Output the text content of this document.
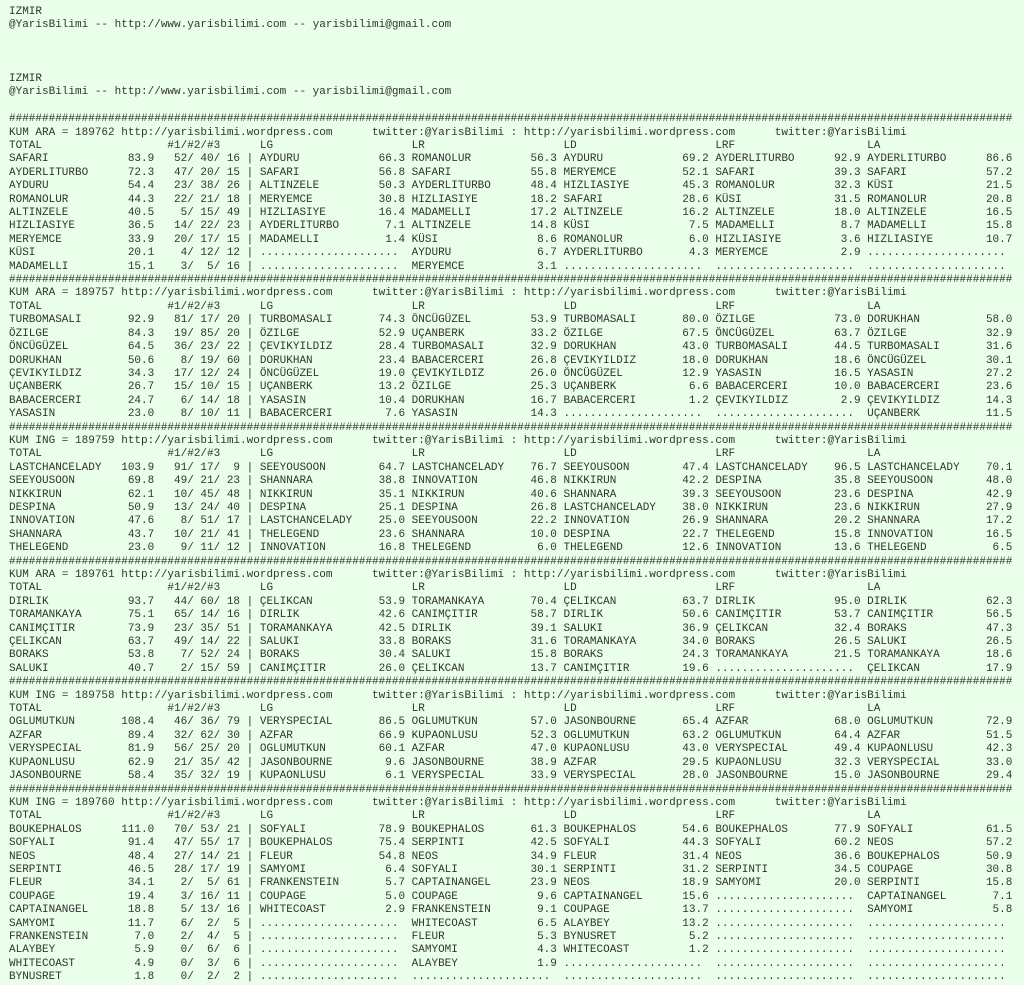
IZMIR
@YarisBilimi -- http://www.yarisbilimi.com -- yarisbilimi@gmail.com
IZMIR
@YarisBilimi -- http://www.yarisbilimi.com -- yarisbilimi@gmail.com
########################################################################################################################################################
KUM ARA = 189762 http://yarisbilimi.wordpress.com      twitter:@YarisBilimi : http://yarisbilimi.wordpress.com      twitter:@YarisBilimi
TOTAL                   #1/#2/#3      LG                     LR                     LD                     LRF                    LA
SAFARI            83.9   52/ 40/ 16 | AYDURU            66.3 ROMANOLUR         56.3 AYDURU            69.2 AYDERLITURBO      92.9 AYDERLITURBO      86.6
AYDERLITURBO      72.3   47/ 20/ 15 | SAFARI            56.8 SAFARI            55.8 MERYEMCE          52.1 SAFARI            39.3 SAFARI            57.2
AYDURU            54.4   23/ 38/ 26 | ALTINZELE         50.3 AYDERLITURBO      48.4 HIZLIASIYE        45.3 ROMANOLUR         32.3 KÜSI              21.5
ROMANOLUR         44.3   22/ 21/ 18 | MERYEMCE          30.8 HIZLIASIYE        18.2 SAFARI            28.6 KÜSI              31.5 ROMANOLUR         20.8
ALTINZELE         40.5    5/ 15/ 49 | HIZLIASIYE        16.4 MADAMELLI         17.2 ALTINZELE         16.2 ALTINZELE         18.0 ALTINZELE         16.5
HIZLIASIYE        36.5   14/ 22/ 23 | AYDERLITURBO       7.1 ALTINZELE         14.8 KÜSI               7.5 MADAMELLI          8.7 MADAMELLI         15.8
MERYEMCE          33.9   20/ 17/ 15 | MADAMELLI          1.4 KÜSI               8.6 ROMANOLUR          6.0 HIZLIASIYE         3.6 HIZLIASIYE        10.7
KÜSI              20.1    4/ 12/ 12 | .....................  AYDURU             6.7 AYDERLITURBO       4.3 MERYEMCE           2.9 .....................
MADAMELLI         15.1    3/  5/ 16 | .....................  MERYEMCE           3.1 .....................  .....................  .....................
########################################################################################################################################################
KUM ARA = 189757 http://yarisbilimi.wordpress.com      twitter:@YarisBilimi : http://yarisbilimi.wordpress.com      twitter:@YarisBilimi
TOTAL                   #1/#2/#3      LG                     LR                     LD                     LRF                    LA
TURBOMASALI       92.9   81/ 17/ 20 | TURBOMASALI       74.3 ÖNCÜGÜZEL         53.9 TURBOMASALI       80.0 ÖZILGE            73.0 DORUKHAN          58.0
ÖZILGE            84.3   19/ 85/ 20 | ÖZILGE            52.9 UÇANBERK          33.2 ÖZILGE            67.5 ÖNCÜGÜZEL         63.7 ÖZILGE            32.9
ÖNCÜGÜZEL         64.5   36/ 23/ 22 | ÇEVIKYILDIZ       28.4 TURBOMASALI       32.9 DORUKHAN          43.0 TURBOMASALI       44.5 TURBOMASALI       31.6
DORUKHAN          50.6    8/ 19/ 60 | DORUKHAN          23.4 BABACERCERI       26.8 ÇEVIKYILDIZ       18.0 DORUKHAN          18.6 ÖNCÜGÜZEL         30.1
ÇEVIKYILDIZ       34.3   17/ 12/ 24 | ÖNCÜGÜZEL         19.0 ÇEVIKYILDIZ       26.0 ÖNCÜGÜZEL         12.9 YASASIN           16.5 YASASIN           27.2
UÇANBERK          26.7   15/ 10/ 15 | UÇANBERK          13.2 ÖZILGE            25.3 UÇANBERK           6.6 BABACERCERI       10.0 BABACERCERI       23.6
BABACERCERI       24.7    6/ 14/ 18 | YASASIN           10.4 DORUKHAN          16.7 BABACERCERI        1.2 ÇEVIKYILDIZ        2.9 ÇEVIKYILDIZ       14.3
YASASIN           23.0    8/ 10/ 11 | BABACERCERI        7.6 YASASIN           14.3 .....................  .....................  UÇANBERK          11.5
########################################################################################################################################################
KUM ING = 189759 http://yarisbilimi.wordpress.com      twitter:@YarisBilimi : http://yarisbilimi.wordpress.com      twitter:@YarisBilimi
TOTAL                   #1/#2/#3      LG                     LR                     LD                     LRF                    LA
LASTCHANCELADY   103.9   91/ 17/  9 | SEEYOUSOON        64.7 LASTCHANCELADY    76.7 SEEYOUSOON        47.4 LASTCHANCELADY    96.5 LASTCHANCELADY    70.1
SEEYOUSOON        69.8   49/ 21/ 23 | SHANNARA          38.8 INNOVATION        46.8 NIKKIRUN          42.2 DESPINA           35.8 SEEYOUSOON        48.0
NIKKIRUN          62.1   10/ 45/ 48 | NIKKIRUN          35.1 NIKKIRUN          40.6 SHANNARA          39.3 SEEYOUSOON        23.6 DESPINA           42.9
DESPINA           50.9   13/ 24/ 40 | DESPINA           25.1 DESPINA           26.8 LASTCHANCELADY    38.0 NIKKIRUN          23.6 NIKKIRUN          27.9
INNOVATION        47.6    8/ 51/ 17 | LASTCHANCELADY    25.0 SEEYOUSOON        22.2 INNOVATION        26.9 SHANNARA          20.2 SHANNARA          17.2
SHANNARA          43.7   10/ 21/ 41 | THELEGEND         23.6 SHANNARA          10.0 DESPINA           22.7 THELEGEND         15.8 INNOVATION        16.5
THELEGEND         23.0    9/ 11/ 12 | INNOVATION        16.8 THELEGEND          6.0 THELEGEND         12.6 INNOVATION        13.6 THELEGEND          6.5
########################################################################################################################################################
KUM ARA = 189761 http://yarisbilimi.wordpress.com      twitter:@YarisBilimi : http://yarisbilimi.wordpress.com      twitter:@YarisBilimi
TOTAL                   #1/#2/#3      LG                     LR                     LD                     LRF                    LA
DIRLIK            93.7   44/ 60/ 18 | ÇELIKCAN          53.9 TORAMANKAYA       70.4 ÇELIKCAN          63.7 DIRLIK            95.0 DIRLIK            62.3
TORAMANKAYA       75.1   65/ 14/ 16 | DIRLIK            42.6 CANIMÇITIR        58.7 DIRLIK            50.6 CANIMÇITIR        53.7 CANIMÇITIR        56.5
CANIMÇITIR        73.9   23/ 35/ 51 | TORAMANKAYA       42.5 DIRLIK            39.1 SALUKI            36.9 ÇELIKCAN          32.4 BORAKS            47.3
ÇELIKCAN          63.7   49/ 14/ 22 | SALUKI            33.8 BORAKS            31.6 TORAMANKAYA       34.0 BORAKS            26.5 SALUKI            26.5
BORAKS            53.8    7/ 52/ 24 | BORAKS            30.4 SALUKI            15.8 BORAKS            24.3 TORAMANKAYA       21.5 TORAMANKAYA       18.6
SALUKI            40.7    2/ 15/ 59 | CANIMÇITIR        26.0 ÇELIKCAN          13.7 CANIMÇITIR        19.6 .....................  ÇELIKCAN          17.9
########################################################################################################################################################
KUM ING = 189758 http://yarisbilimi.wordpress.com      twitter:@YarisBilimi : http://yarisbilimi.wordpress.com      twitter:@YarisBilimi
TOTAL                   #1/#2/#3      LG                     LR                     LD                     LRF                    LA
OGLUMUTKUN       108.4   46/ 36/ 79 | VERYSPECIAL       86.5 OGLUMUTKUN        57.0 JASONBOURNE       65.4 AZFAR             68.0 OGLUMUTKUN        72.9
AZFAR             89.4   32/ 62/ 30 | AZFAR             66.9 KUPAONLUSU        52.3 OGLUMUTKUN        63.2 OGLUMUTKUN        64.4 AZFAR             51.5
VERYSPECIAL       81.9   56/ 25/ 20 | OGLUMUTKUN        60.1 AZFAR             47.0 KUPAONLUSU        43.0 VERYSPECIAL       49.4 KUPAONLUSU        42.3
KUPAONLUSU        62.9   21/ 35/ 42 | JASONBOURNE        9.6 JASONBOURNE       38.9 AZFAR             29.5 KUPAONLUSU        32.3 VERYSPECIAL       33.0
JASONBOURNE       58.4   35/ 32/ 19 | KUPAONLUSU         6.1 VERYSPECIAL       33.9 VERYSPECIAL       28.0 JASONBOURNE       15.0 JASONBOURNE       29.4
########################################################################################################################################################
KUM ING = 189760 http://yarisbilimi.wordpress.com      twitter:@YarisBilimi : http://yarisbilimi.wordpress.com      twitter:@YarisBilimi
TOTAL                   #1/#2/#3      LG                     LR                     LD                     LRF                    LA
BOUKEPHALOS      111.0   70/ 53/ 21 | SOFYALI           78.9 BOUKEPHALOS       61.3 BOUKEPHALOS       54.6 BOUKEPHALOS       77.9 SOFYALI           61.5
SOFYALI           91.4   47/ 55/ 17 | BOUKEPHALOS       75.4 SERPINTI          42.5 SOFYALI           44.3 SOFYALI           60.2 NEOS              57.2
NEOS              48.4   27/ 14/ 21 | FLEUR             54.8 NEOS              34.9 FLEUR             31.4 NEOS              36.6 BOUKEPHALOS       50.9
SERPINTI          46.5   28/ 17/ 19 | SAMYOMI            6.4 SOFYALI           30.1 SERPINTI          31.2 SERPINTI          34.5 COUPAGE           30.8
FLEUR             34.1    2/  5/ 61 | FRANKENSTEIN       5.7 CAPTAINANGEL      23.9 NEOS              18.9 SAMYOMI           20.0 SERPINTI          15.8
COUPAGE           19.4    3/ 16/ 11 | COUPAGE            5.0 COUPAGE            9.6 CAPTAINANGEL      15.6 .....................  CAPTAINANGEL       7.1
CAPTAINANGEL      18.8    5/ 13/ 16 | WHITECOAST         2.9 FRANKENSTEIN       9.1 COUPAGE           13.7 .....................  SAMYOMI            5.8
SAMYOMI           11.7    6/  2/  5 | .....................  WHITECOAST         6.5 ALAYBEY           13.2 .....................  .....................
FRANKENSTEIN       7.0    2/  4/  5 | .....................  FLEUR              5.3 BYNUSRET           5.2 .....................  .....................
ALAYBEY            5.9    0/  6/  6 | .....................  SAMYOMI            4.3 WHITECOAST         1.2 .....................  .....................
WHITECOAST         4.9    0/  3/  6 | .....................  ALAYBEY            1.9 .....................  .....................  .....................
BYNUSRET           1.8    0/  2/  2 | .....................  .....................  .....................  .....................  .....................
